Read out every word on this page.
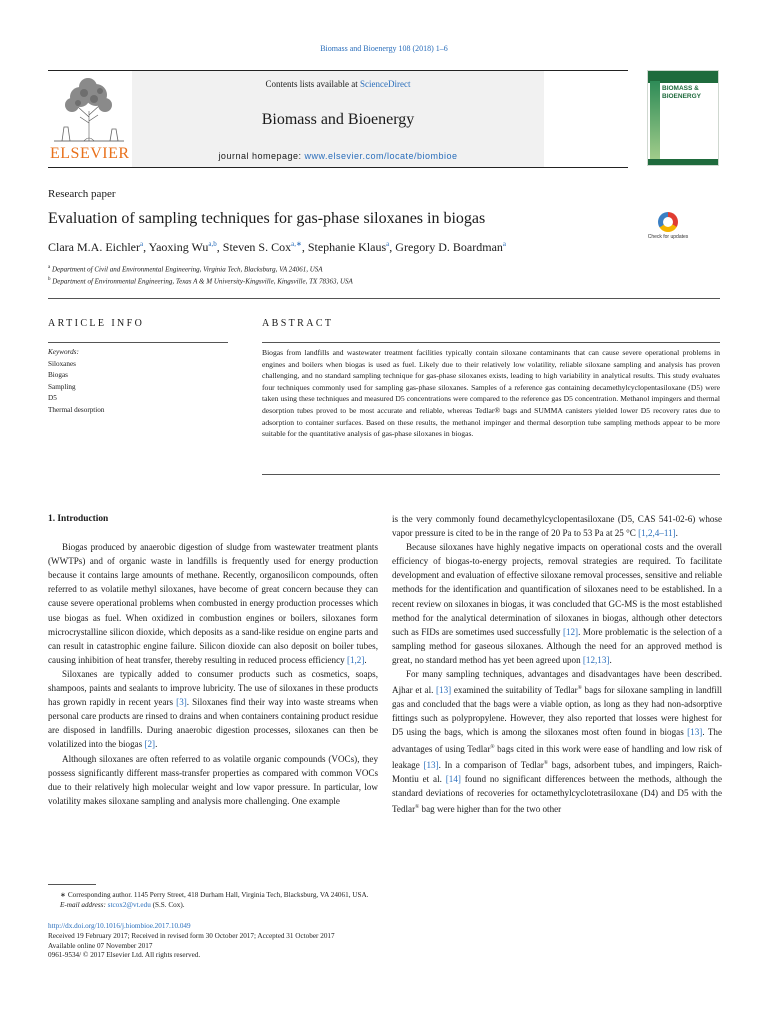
Biomass and Bioenergy 108 (2018) 1–6
ELSEVIER
Contents lists available at ScienceDirect
Biomass and Bioenergy
journal homepage: www.elsevier.com/locate/biombioe
BIOMASS &
BIOENERGY
Research paper
Evaluation of sampling techniques for gas-phase siloxanes in biogas
Check for updates
Clara M.A. Eichler$^a$, Yaoxing Wu$^{a,b}$, Steven S. Cox$^{a,∗}$, Stephanie Klaus$^a$, Gregory D. Boardman$^a$
$^a$ Department of Civil and Environmental Engineering, Virginia Tech, Blacksburg, VA 24061, USA
$^b$ Department of Environmental Engineering, Texas A & M University-Kingsville, Kingsville, TX 78363, USA
ARTICLE INFO	ABSTRACT
Keywords:
Siloxanes
Biogas
Sampling
D5
Thermal desorption
Biogas from landfills and wastewater treatment facilities typically contain siloxane contaminants that can cause severe operational problems in engines and boilers when biogas is used as fuel. Likely due to their relatively low volatility, reliable siloxane sampling and analysis has proven challenging, and no standard sampling technique for gas-phase siloxanes exists, leading to high variability in analytical results. This study evaluates four techniques commonly used for sampling gas-phase siloxanes. Samples of a reference gas containing decamethylcyclopentasiloxane (D5) were taken using these techniques and measured D5 concentrations were compared to the reference gas D5 concentration. Methanol impingers and thermal desorption tubes proved to be most accurate and reliable, whereas Tedlar® bags and SUMMA canisters yielded lower D5 recovery rates due to adsorption to container surfaces. Based on these results, the methanol impinger and thermal desorption tube sampling methods appear to be more suitable for the quantitative analysis of gas-phase siloxanes in biogas.
1. Introduction

Biogas produced by anaerobic digestion of sludge from wastewater treatment plants (WWTPs) and of organic waste in landfills is frequently used for energy production because it contains large amounts of methane. Recently, organosilicon compounds, often referred to as volatile methyl siloxanes, have become of great concern because they can cause severe operational problems when combusted in energy production processes which use biogas as fuel. When oxidized in combustion engines or boilers, siloxanes form microcrystalline silicon dioxide, which deposits as a sand-like residue on engine parts and can result in catastrophic engine failure. Silicon dioxide can also deposit on boiler tubes, causing inhibition of heat transfer, thereby resulting in reduced process efficiency [1,2].

Siloxanes are typically added to consumer products such as cosmetics, soaps, shampoos, paints and sealants to improve lubricity. The use of siloxanes in these products has grown rapidly in recent years [3]. Siloxanes find their way into waste streams when personal care products are rinsed to drains and when containers containing product residue are disposed in landfills. During anaerobic digestion processes, siloxanes can then be volatilized into the biogas [2].

Although siloxanes are often referred to as volatile organic compounds (VOCs), they possess significantly different mass-transfer properties as compared with common VOCs due to their relatively high molecular weight and low vapor pressure. In particular, low volatility makes siloxane sampling and analysis more challenging. One example

is the very commonly found decamethylcyclopentasiloxane (D5, CAS 541-02-6) whose vapor pressure is cited to be in the range of 20 Pa to 53 Pa at 25 °C [1,2,4–11].

Because siloxanes have highly negative impacts on operational costs and the overall efficiency of biogas-to-energy projects, removal strategies are required. To facilitate development and evaluation of effective siloxane removal processes, sensitive and reliable methods for the identification and quantification of siloxanes need to be established. In a recent review on siloxanes in biogas, it was concluded that GC-MS is the most established method for the analytical determination of siloxanes in biogas, although other detectors such as FIDs are sometimes used successfully [12]. More problematic is the selection of a sampling method for gaseous siloxanes. Although the need for an approved method is great, no standard method has yet been agreed upon [12,13].

For many sampling techniques, advantages and disadvantages have been described. Ajhar et al. [13] examined the suitability of Tedlar® bags for siloxane sampling in landfill gas and concluded that the bags were a viable option, as long as they had non-adsorptive fittings such as polypropylene. However, they also reported that losses were highest for D5 using the bags, which is among the siloxanes most often found in biogas [13]. The advantages of using Tedlar® bags cited in this work were ease of handling and low risk of leakage [13]. In a comparison of Tedlar® bags, adsorbent tubes, and impingers, Raich-Montiu et al. [14] found no significant differences between the methods, although the standard deviations of recoveries for octamethylcyclotetrasiloxane (D4) and D5 with the Tedlar® bag were higher than for the two other

∗ Corresponding author. 1145 Perry Street, 418 Durham Hall, Virginia Tech, Blacksburg, VA 24061, USA.
E-mail address: stcox2@vt.edu (S.S. Cox).
http://dx.doi.org/10.1016/j.biombioe.2017.10.049
Received 19 February 2017; Received in revised form 30 October 2017; Accepted 31 October 2017
Available online 07 November 2017
0961-9534/ © 2017 Elsevier Ltd. All rights reserved.
